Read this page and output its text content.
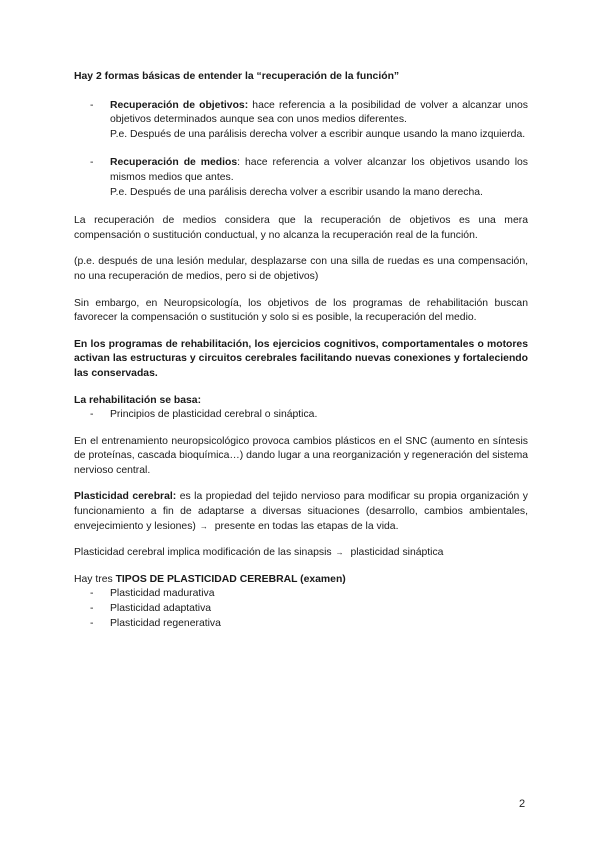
Hay 2 formas básicas de entender la “recuperación de la función”

- Recuperación de objetivos: hace referencia a la posibilidad de volver a alcanzar unos objetivos determinados aunque sea con unos medios diferentes.
P.e. Después de una parálisis derecha volver a escribir aunque usando la mano izquierda.
- Recuperación de medios: hace referencia a volver alcanzar los objetivos usando los mismos medios que antes.
P.e. Después de una parálisis derecha volver a escribir usando la mano derecha.

La recuperación de medios considera que la recuperación de objetivos es una mera compensación o sustitución conductual, y no alcanza la recuperación real de la función.

(p.e. después de una lesión medular, desplazarse con una silla de ruedas es una compensación, no una recuperación de medios, pero si de objetivos)

Sin embargo, en Neuropsicología, los objetivos de los programas de rehabilitación buscan favorecer la compensación o sustitución y solo si es posible, la recuperación del medio.

En los programas de rehabilitación, los ejercicios cognitivos, comportamentales o motores activan las estructuras y circuitos cerebrales facilitando nuevas conexiones y fortaleciendo las conservadas.

La rehabilitación se basa:

- Principios de plasticidad cerebral o sináptica.

En el entrenamiento neuropsicológico provoca cambios plásticos en el SNC (aumento en síntesis de proteínas, cascada bioquímica…) dando lugar a una reorganización y regeneración del sistema nervioso central.

Plasticidad cerebral: es la propiedad del tejido nervioso para modificar su propia organización y funcionamiento a fin de adaptarse a diversas situaciones (desarrollo, cambios ambientales, envejecimiento y lesiones) → presente en todas las etapas de la vida.

Plasticidad cerebral implica modificación de las sinapsis → plasticidad sináptica

Hay tres TIPOS DE PLASTICIDAD CEREBRAL (examen)

- Plasticidad madurativa
- Plasticidad adaptativa
- Plasticidad regenerativa
2
